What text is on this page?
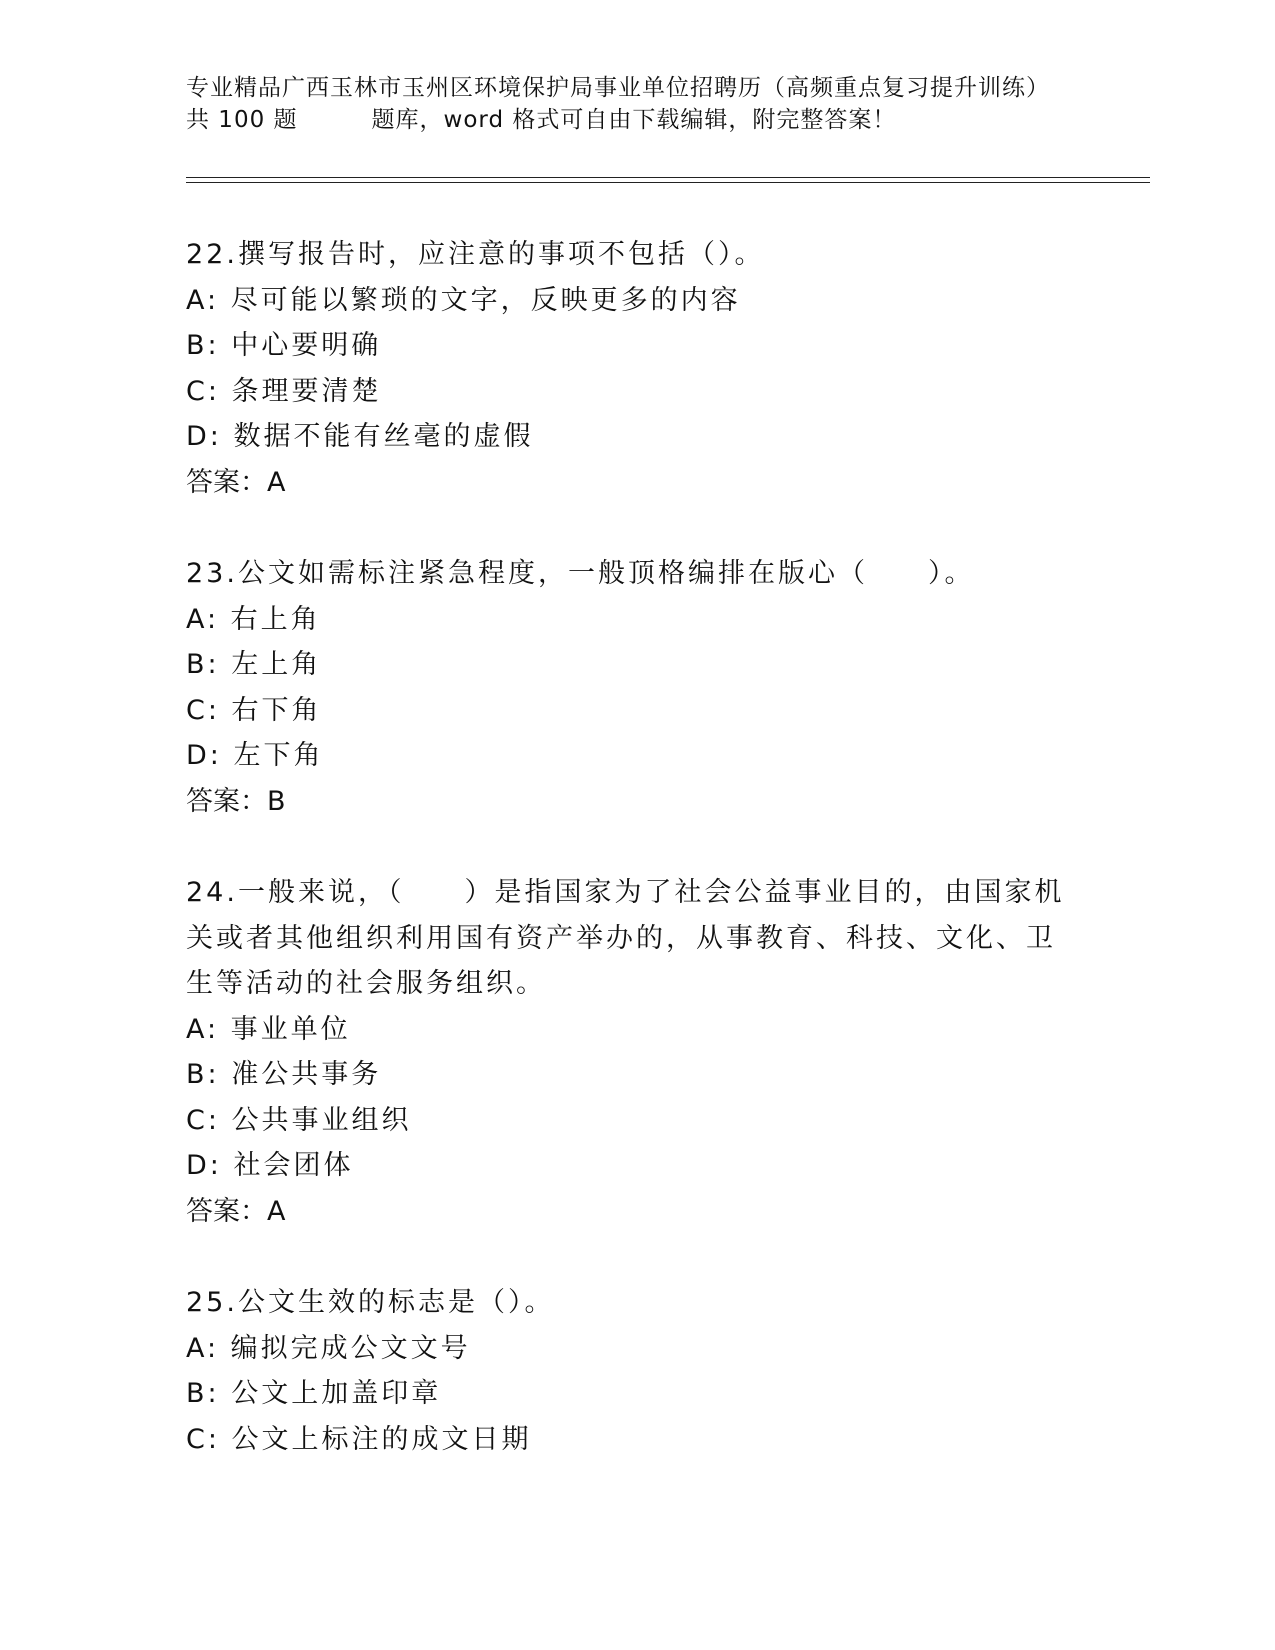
专业精品广西玉林市玉州区环境保护局事业单位招聘历（高频重点复习提升训练）
共 100 题	题库，word 格式可自由下载编辑，附完整答案！

22.撰写报告时，应注意的事项不包括（）。

A: 尽可能以繁琐的文字，反映更多的内容

B: 中心要明确

C: 条理要清楚

D: 数据不能有丝毫的虚假

答案：A

23.公文如需标注紧急程度，一般顶格编排在版心（　　）。

A: 右上角

B: 左上角

C: 右下角

D: 左下角

答案：B

24.一般来说，（　　）是指国家为了社会公益事业目的，由国家机关或者其他组织利用国有资产举办的，从事教育、科技、文化、卫生等活动的社会服务组织。

A: 事业单位

B: 准公共事务

C: 公共事业组织

D: 社会团体

答案：A

25.公文生效的标志是（）。

A: 编拟完成公文文号

B: 公文上加盖印章

C: 公文上标注的成文日期
